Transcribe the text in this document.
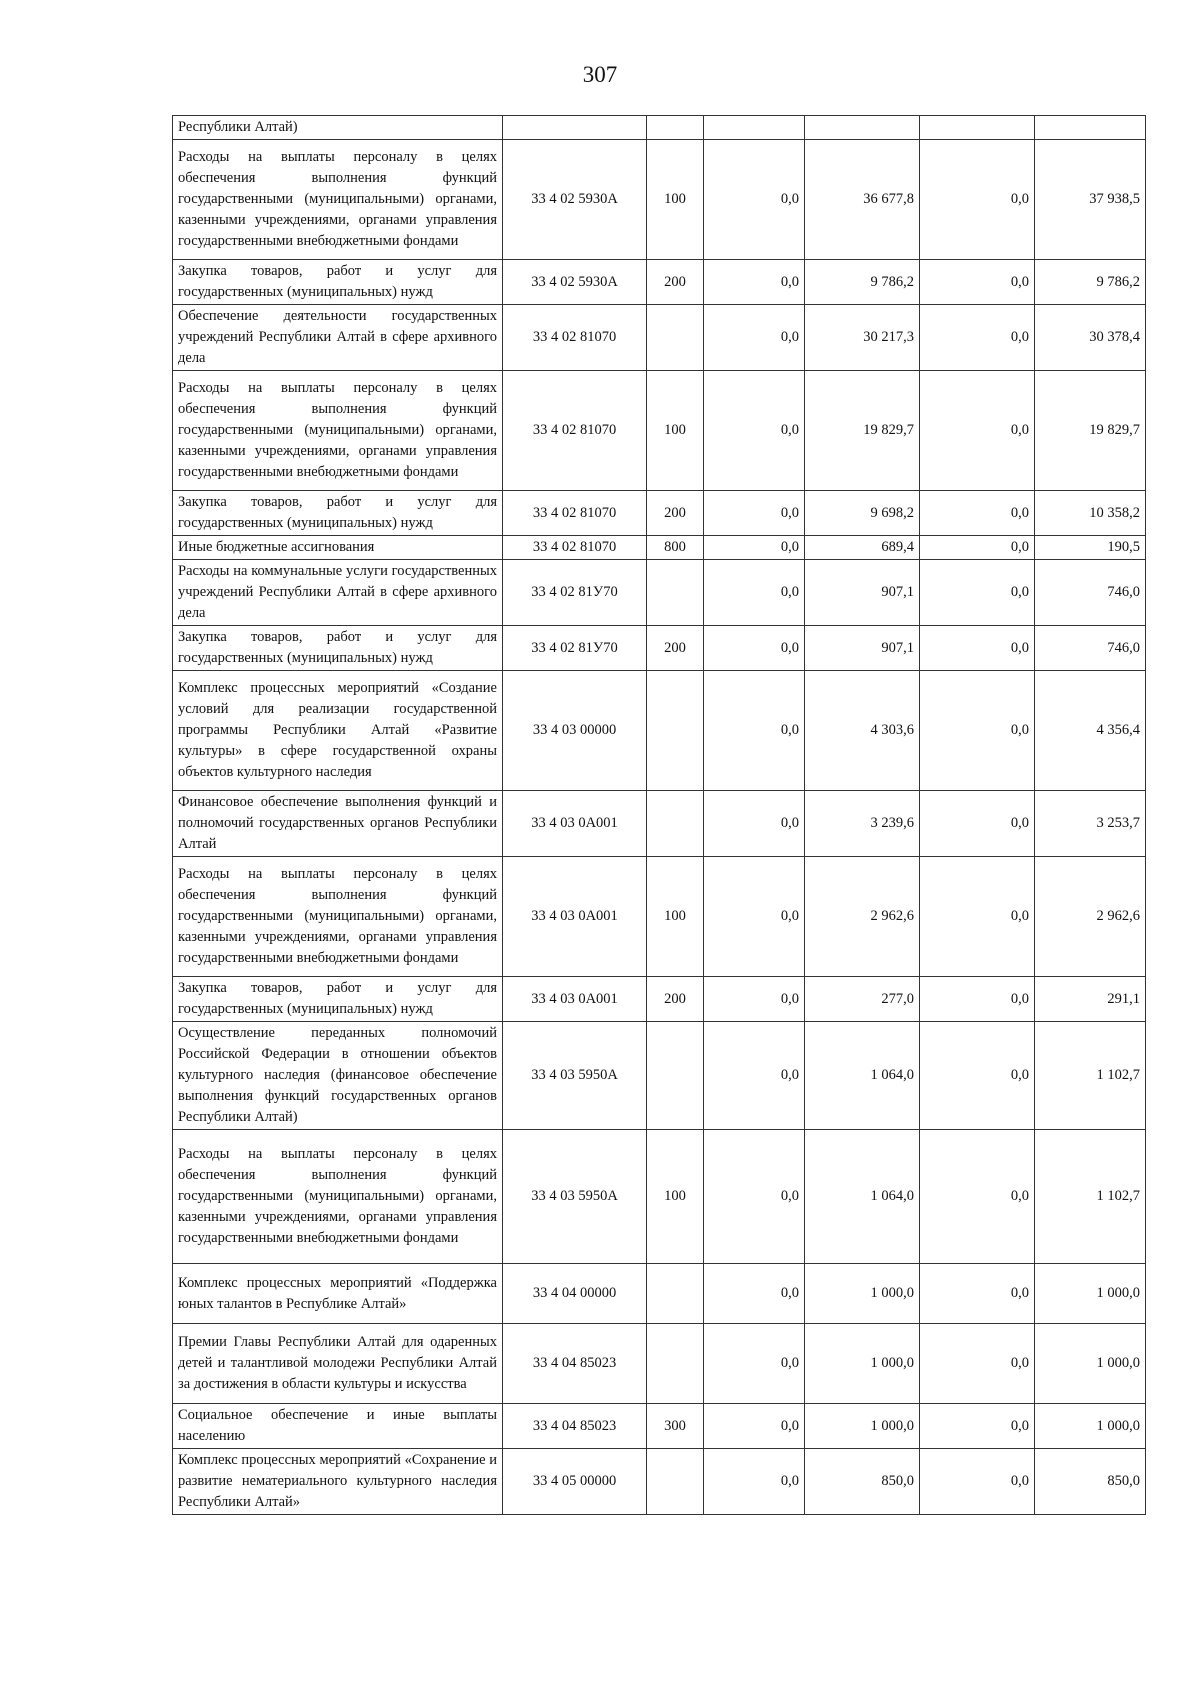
307
Республики Алтай)						
Расходы на выплаты персоналу в целях обеспечения выполнения функций государственными (муниципальными) органами, казенными учреждениями, органами управления государственными внебюджетными фондами	33 4 02 5930А	100	0,0	36 677,8	0,0	37 938,5
Закупка товаров, работ и услуг для государственных (муниципальных) нужд	33 4 02 5930А	200	0,0	9 786,2	0,0	9 786,2
Обеспечение деятельности государственных учреждений Республики Алтай в сфере архивного дела	33 4 02 81070		0,0	30 217,3	0,0	30 378,4
Расходы на выплаты персоналу в целях обеспечения выполнения функций государственными (муниципальными) органами, казенными учреждениями, органами управления государственными внебюджетными фондами	33 4 02 81070	100	0,0	19 829,7	0,0	19 829,7
Закупка товаров, работ и услуг для государственных (муниципальных) нужд	33 4 02 81070	200	0,0	9 698,2	0,0	10 358,2
Иные бюджетные ассигнования	33 4 02 81070	800	0,0	689,4	0,0	190,5
Расходы на коммунальные услуги государственных учреждений Республики Алтай в сфере архивного дела	33 4 02 81У70		0,0	907,1	0,0	746,0
Закупка товаров, работ и услуг для государственных (муниципальных) нужд	33 4 02 81У70	200	0,0	907,1	0,0	746,0
Комплекс процессных мероприятий «Создание условий для реализации государственной программы Республики Алтай «Развитие культуры» в сфере государственной охраны объектов культурного наследия	33 4 03 00000		0,0	4 303,6	0,0	4 356,4
Финансовое обеспечение выполнения функций и полномочий государственных органов Республики Алтай	33 4 03 0А001		0,0	3 239,6	0,0	3 253,7
Расходы на выплаты персоналу в целях обеспечения выполнения функций государственными (муниципальными) органами, казенными учреждениями, органами управления государственными внебюджетными фондами	33 4 03 0А001	100	0,0	2 962,6	0,0	2 962,6
Закупка товаров, работ и услуг для государственных (муниципальных) нужд	33 4 03 0А001	200	0,0	277,0	0,0	291,1
Осуществление переданных полномочий Российской Федерации в отношении объектов культурного наследия (финансовое обеспечение выполнения функций государственных органов Республики Алтай)	33 4 03 5950А		0,0	1 064,0	0,0	1 102,7
Расходы на выплаты персоналу в целях обеспечения выполнения функций государственными (муниципальными) органами, казенными учреждениями, органами управления государственными внебюджетными фондами	33 4 03 5950А	100	0,0	1 064,0	0,0	1 102,7
Комплекс процессных мероприятий «Поддержка юных талантов в Республике Алтай»	33 4 04 00000		0,0	1 000,0	0,0	1 000,0
Премии Главы Республики Алтай для одаренных детей и талантливой молодежи Республики Алтай за достижения в области культуры и искусства	33 4 04 85023		0,0	1 000,0	0,0	1 000,0
Социальное обеспечение и иные выплаты населению	33 4 04 85023	300	0,0	1 000,0	0,0	1 000,0
Комплекс процессных мероприятий «Сохранение и развитие нематериального культурного наследия Республики Алтай»	33 4 05 00000		0,0	850,0	0,0	850,0
